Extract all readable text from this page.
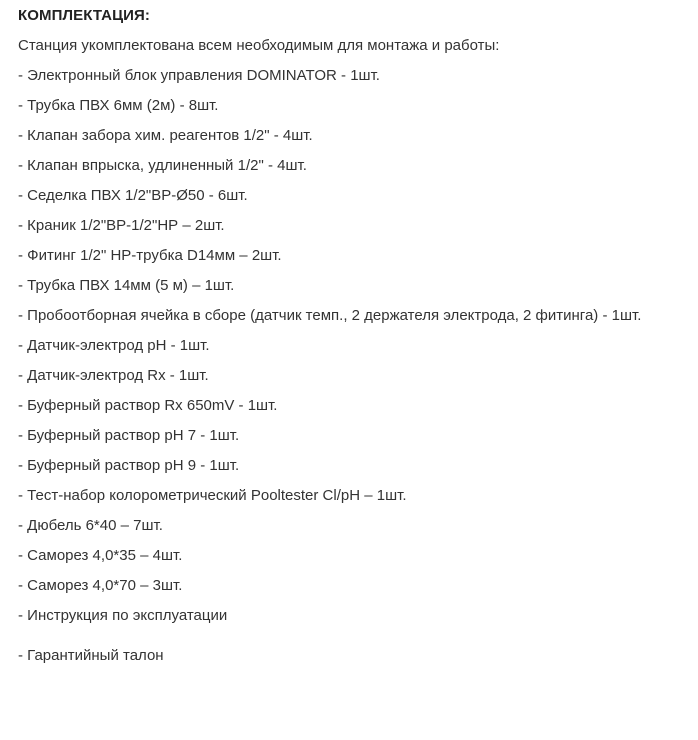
КОМПЛЕКТАЦИЯ:
Станция укомплектована всем необходимым для монтажа и работы:
- Электронный блок управления DOMINATOR - 1шт.
- Трубка ПВХ 6мм (2м) - 8шт.
- Клапан забора хим. реагентов 1/2" - 4шт.
- Клапан впрыска, удлиненный 1/2" - 4шт.
- Седелка ПВХ 1/2"ВР-Ø50 - 6шт.
- Краник 1/2"ВР-1/2"НР – 2шт.
- Фитинг 1/2" НР-трубка D14мм – 2шт.
- Трубка ПВХ 14мм (5 м) – 1шт.
- Пробоотборная ячейка в сборе (датчик темп., 2 держателя электрода, 2 фитинга) - 1шт.
- Датчик-электрод pH - 1шт.
- Датчик-электрод Rx - 1шт.
- Буферный раствор Rx 650mV - 1шт.
- Буферный раствор pH 7 - 1шт.
- Буферный раствор pH 9 - 1шт.
- Тест-набор колорометрический Pooltester Cl/pH – 1шт.
- Дюбель 6*40 – 7шт.
- Саморез 4,0*35 – 4шт.
- Саморез 4,0*70 – 3шт.
- Инструкция по эксплуатации
- Гарантийный талон
